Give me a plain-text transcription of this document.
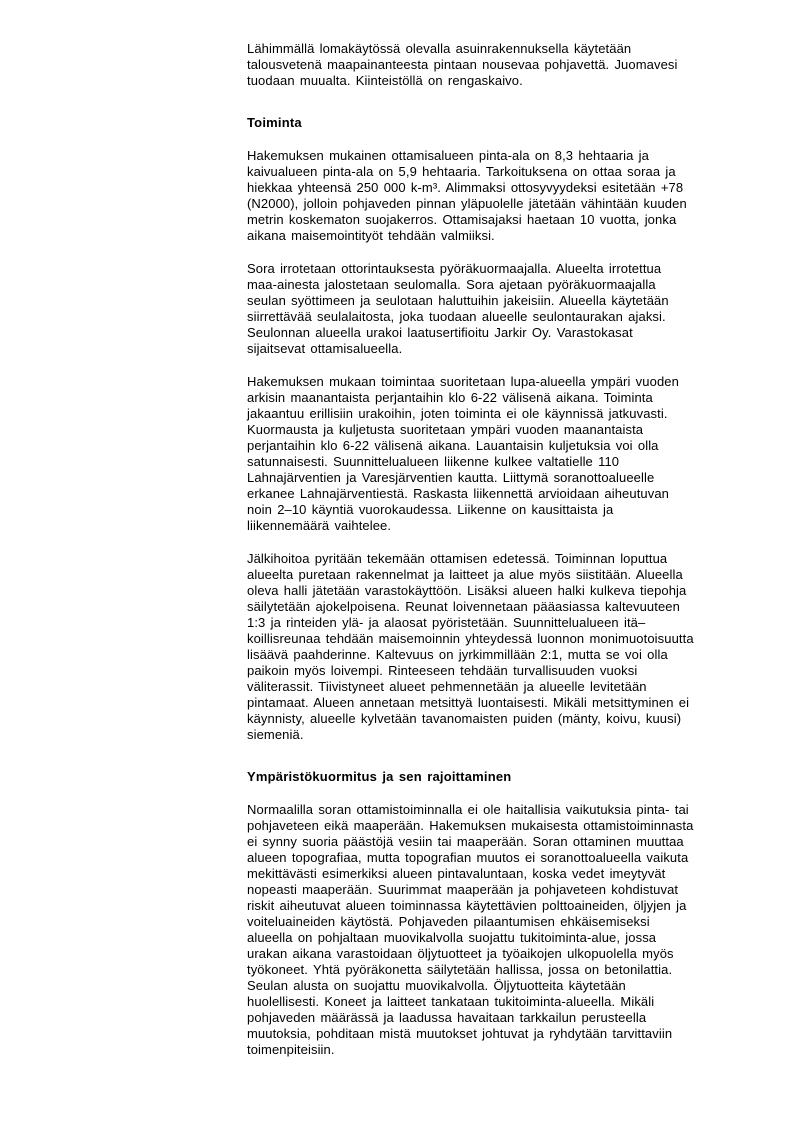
Lähimmällä lomakäytössä olevalla asuinrakennuksella käytetään
talousvetenä maapainanteesta pintaan nousevaa pohjavettä. Juomavesi
tuodaan muualta. Kiinteistöllä on rengaskaivo.
Toiminta
Hakemuksen mukainen ottamisalueen pinta-ala on 8,3 hehtaaria ja
kaivualueen pinta-ala on 5,9 hehtaaria. Tarkoituksena on ottaa soraa ja
hiekkaa yhteensä 250 000 k-m³. Alimmaksi ottosyvyydeksi esitetään +78
(N2000), jolloin pohjaveden pinnan yläpuolelle jätetään vähintään kuuden
metrin koskematon suojakerros. Ottamisajaksi haetaan 10 vuotta, jonka
aikana maisemointityöt tehdään valmiiksi.
Sora irrotetaan ottorintauksesta pyöräkuormaajalla. Alueelta irrotettua
maa-ainesta jalostetaan seulomalla. Sora ajetaan pyöräkuormaajalla
seulan syöttimeen ja seulotaan haluttuihin jakeisiin. Alueella käytetään
siirrettävää seulalaitosta, joka tuodaan alueelle seulontaurakan ajaksi.
Seulonnan alueella urakoi laatusertifioitu Jarkir Oy. Varastokasat
sijaitsevat ottamisalueella.
Hakemuksen mukaan toimintaa suoritetaan lupa-alueella ympäri vuoden
arkisin maanantaista perjantaihin klo 6-22 välisenä aikana. Toiminta
jakaantuu erillisiin urakoihin, joten toiminta ei ole käynnissä jatkuvasti.
Kuormausta ja kuljetusta suoritetaan ympäri vuoden maanantaista
perjantaihin klo 6-22 välisenä aikana. Lauantaisin kuljetuksia voi olla
satunnaisesti. Suunnittelualueen liikenne kulkee valtatielle 110
Lahnajärventien ja Varesjärventien kautta. Liittymä soranottoalueelle
erkanee Lahnajärventiestä. Raskasta liikennettä arvioidaan aiheutuvan
noin 2–10 käyntiä vuorokaudessa. Liikenne on kausittaista ja
liikennemäärä vaihtelee.
Jälkihoitoa pyritään tekemään ottamisen edetessä. Toiminnan loputtua
alueelta puretaan rakennelmat ja laitteet ja alue myös siistitään. Alueella
oleva halli jätetään varastokäyttöön. Lisäksi alueen halki kulkeva tiepohja
säilytetään ajokelpoisena. Reunat loivennetaan pääasiassa kaltevuuteen
1:3 ja rinteiden ylä- ja alaosat pyöristetään. Suunnittelualueen itä–
koillisreunaa tehdään maisemoinnin yhteydessä luonnon monimuotoisuutta
lisäävä paahderinne. Kaltevuus on jyrkimmillään 2:1, mutta se voi olla
paikoin myös loivempi. Rinteeseen tehdään turvallisuuden vuoksi
väliterassit. Tiivistyneet alueet pehmennetään ja alueelle levitetään
pintamaat. Alueen annetaan metsittyä luontaisesti. Mikäli metsittyminen ei
käynnisty, alueelle kylvetään tavanomaisten puiden (mänty, koivu, kuusi)
siemeniä.
Ympäristökuormitus ja sen rajoittaminen
Normaalilla soran ottamistoiminnalla ei ole haitallisia vaikutuksia pinta- tai
pohjaveteen eikä maaperään. Hakemuksen mukaisesta ottamistoiminnasta
ei synny suoria päästöjä vesiin tai maaperään. Soran ottaminen muuttaa
alueen topografiaa, mutta topografian muutos ei soranottoalueella vaikuta
mekittävästi esimerkiksi alueen pintavaluntaan, koska vedet imeytyvät
nopeasti maaperään. Suurimmat maaperään ja pohjaveteen kohdistuvat
riskit aiheutuvat alueen toiminnassa käytettävien polttoaineiden, öljyjen ja
voiteluaineiden käytöstä. Pohjaveden pilaantumisen ehkäisemiseksi
alueella on pohjaltaan muovikalvolla suojattu tukitoiminta-alue, jossa
urakan aikana varastoidaan öljytuotteet ja työaikojen ulkopuolella myös
työkoneet. Yhtä pyöräkonetta säilytetään hallissa, jossa on betonilattia.
Seulan alusta on suojattu muovikalvolla. Öljytuotteita käytetään
huolellisesti. Koneet ja laitteet tankataan tukitoiminta-alueella. Mikäli
pohjaveden määrässä ja laadussa havaitaan tarkkailun perusteella
muutoksia, pohditaan mistä muutokset johtuvat ja ryhdytään tarvittaviin
toimenpiteisiin.
